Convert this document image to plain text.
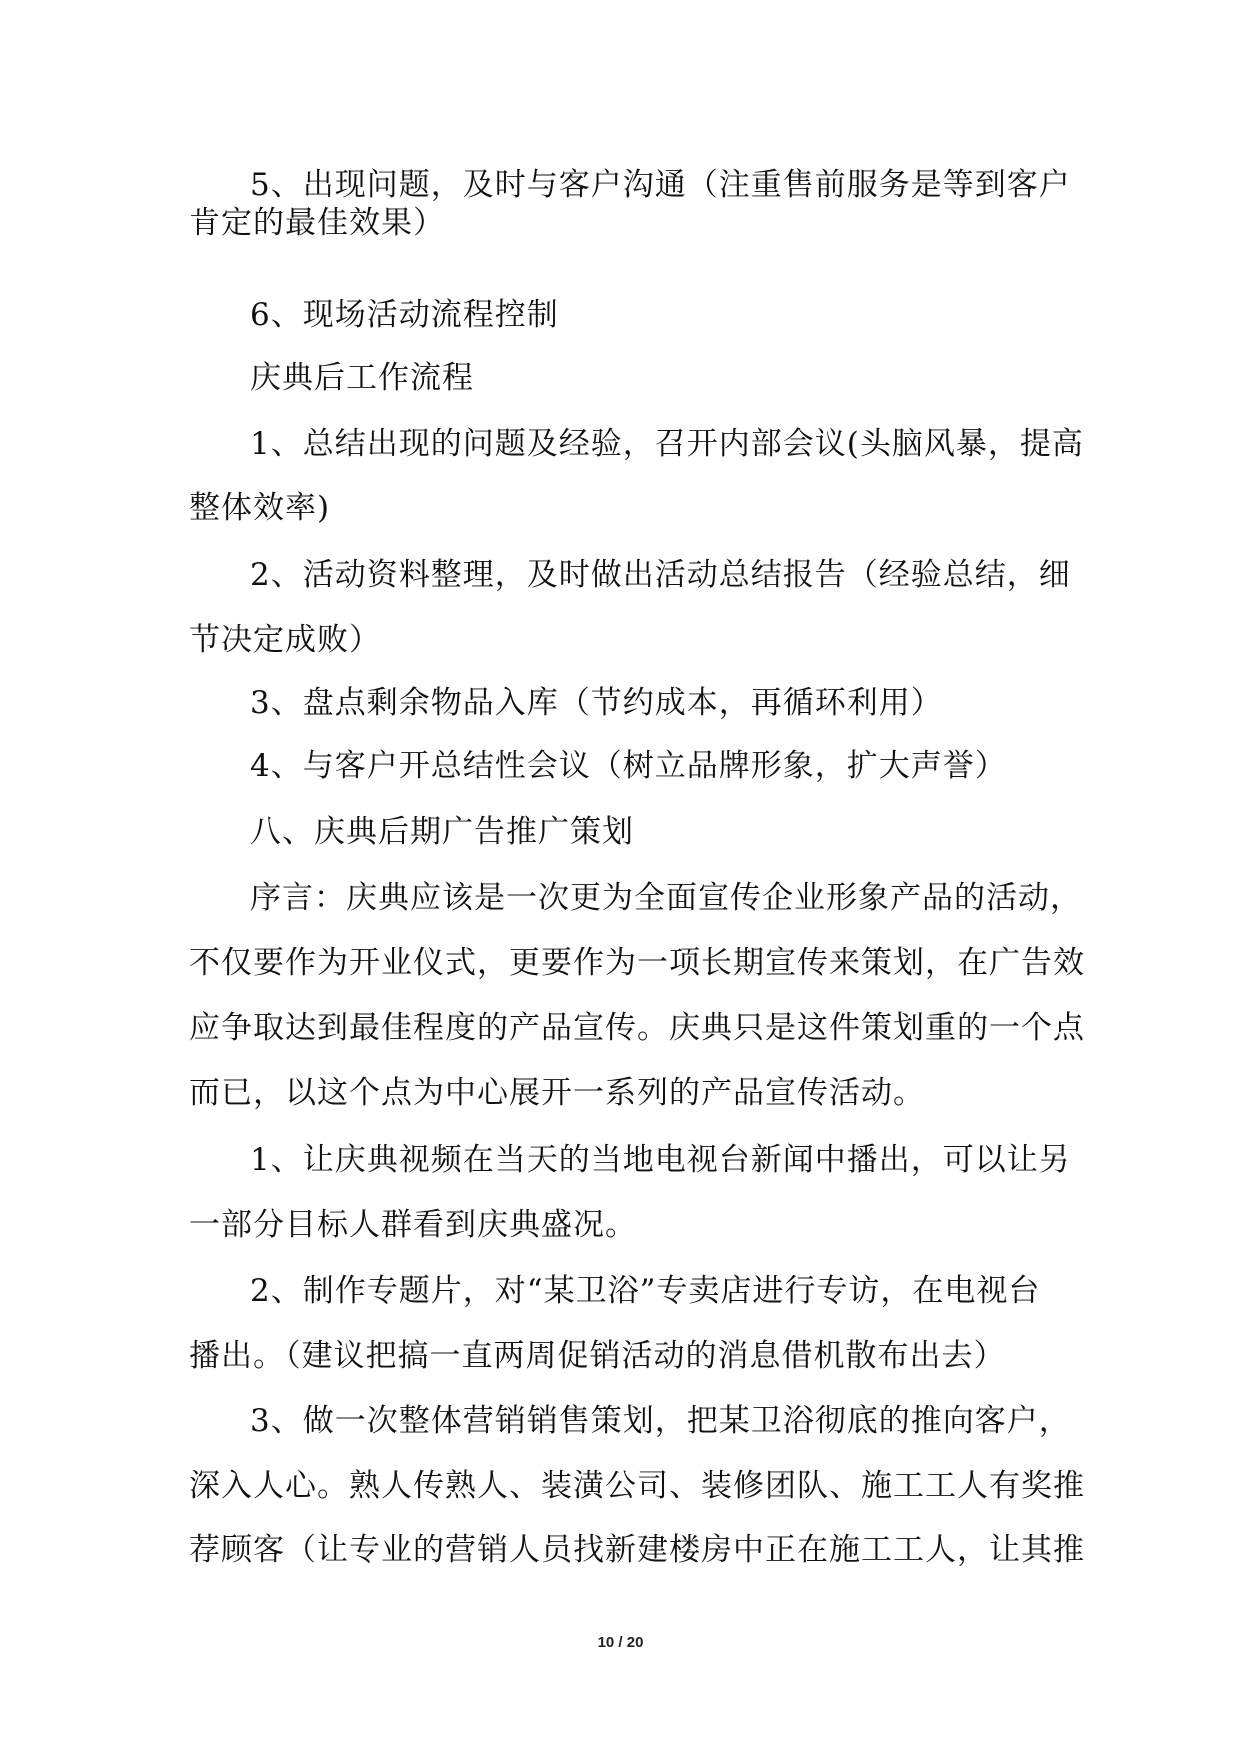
5、出现问题，及时与客户沟通（注重售前服务是等到客户
肯定的最佳效果）
6、现场活动流程控制
庆典后工作流程
1、总结出现的问题及经验，召开内部会议(头脑风暴，提高
整体效率)
2、活动资料整理，及时做出活动总结报告（经验总结，细
节决定成败）
3、盘点剩余物品入库（节约成本，再循环利用）
4、与客户开总结性会议（树立品牌形象，扩大声誉）
八、庆典后期广告推广策划
序言：庆典应该是一次更为全面宣传企业形象产品的活动，
不仅要作为开业仪式，更要作为一项长期宣传来策划，在广告效
应争取达到最佳程度的产品宣传。庆典只是这件策划重的一个点
而已，以这个点为中心展开一系列的产品宣传活动。
1、让庆典视频在当天的当地电视台新闻中播出，可以让另
一部分目标人群看到庆典盛况。
2、制作专题片，对“某卫浴”专卖店进行专访，在电视台
播出。（建议把搞一直两周促销活动的消息借机散布出去）
3、做一次整体营销销售策划，把某卫浴彻底的推向客户，
深入人心。熟人传熟人、装潢公司、装修团队、施工工人有奖推
荐顾客（让专业的营销人员找新建楼房中正在施工工人，让其推
10 / 20
